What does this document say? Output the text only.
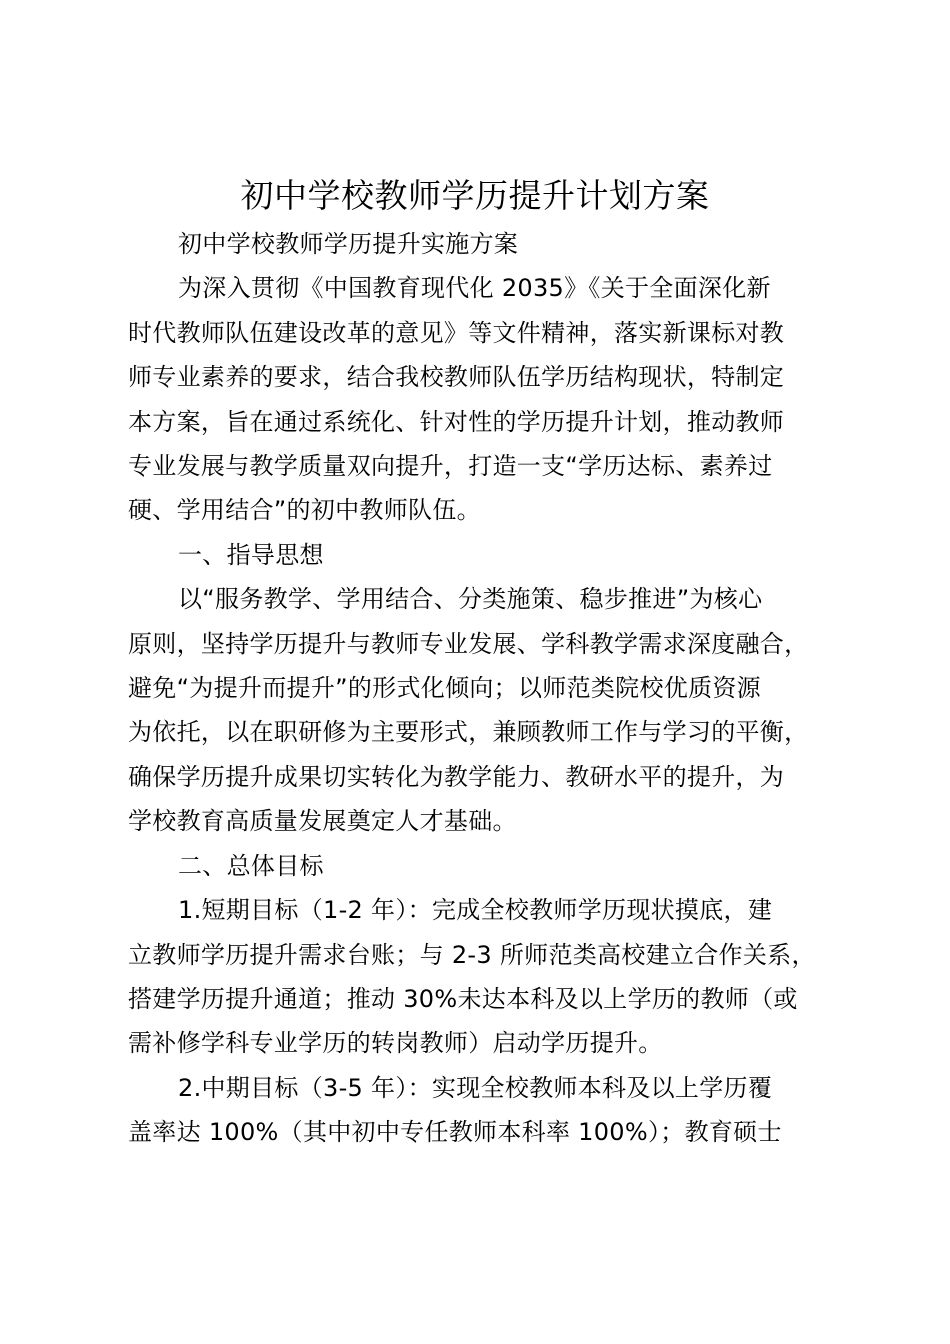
初中学校教师学历提升计划方案

初中学校教师学历提升实施方案

为深入贯彻《中国教育现代化 2035》《关于全面深化新
时代教师队伍建设改革的意见》等文件精神，落实新课标对教
师专业素养的要求，结合我校教师队伍学历结构现状，特制定
本方案，旨在通过系统化、针对性的学历提升计划，推动教师
专业发展与教学质量双向提升，打造一支“学历达标、素养过
硬、学用结合”的初中教师队伍。

一、指导思想

以“服务教学、学用结合、分类施策、稳步推进”为核心
原则，坚持学历提升与教师专业发展、学科教学需求深度融合，
避免“为提升而提升”的形式化倾向；以师范类院校优质资源
为依托，以在职研修为主要形式，兼顾教师工作与学习的平衡，
确保学历提升成果切实转化为教学能力、教研水平的提升，为
学校教育高质量发展奠定人才基础。

二、总体目标

1.短期目标（1-2 年）：完成全校教师学历现状摸底，建
立教师学历提升需求台账；与 2-3 所师范类高校建立合作关系，
搭建学历提升通道；推动 30%未达本科及以上学历的教师（或
需补修学科专业学历的转岗教师）启动学历提升。

2.中期目标（3-5 年）：实现全校教师本科及以上学历覆
盖率达 100%（其中初中专任教师本科率 100%）；教育硕士
